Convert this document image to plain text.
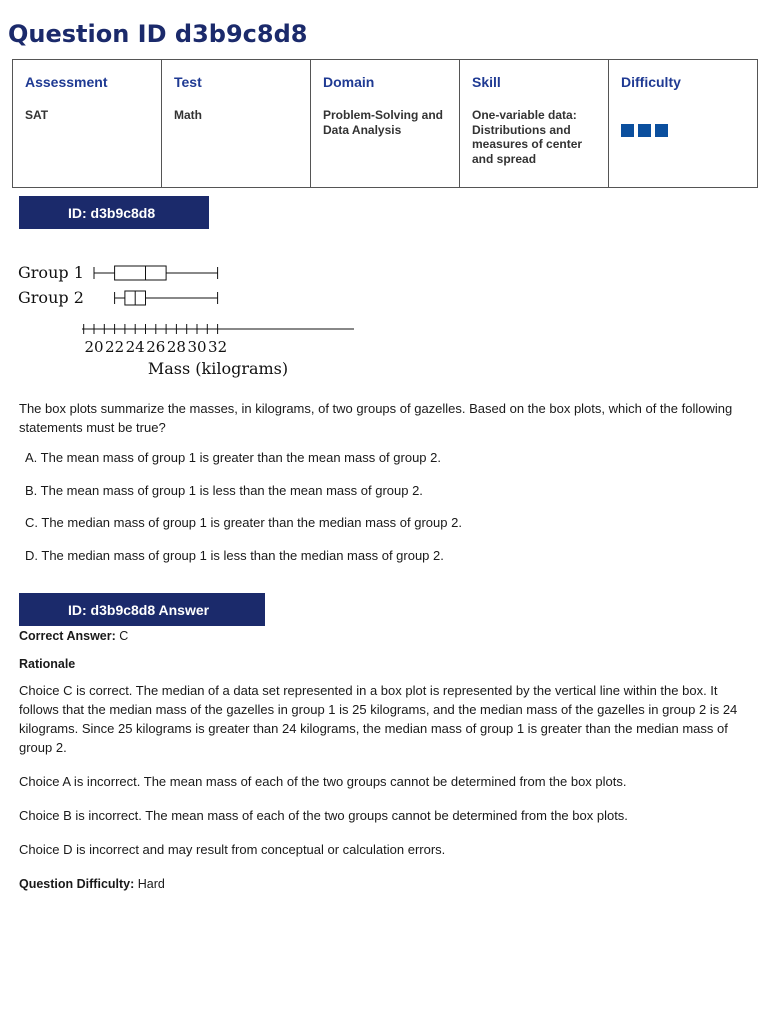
Question ID d3b9c8d8
Assessment
SAT

Test
Math

Domain
Problem-Solving and Data Analysis

Skill
One-variable data: Distributions and measures of center and spread

Difficulty
ID: d3b9c8d8
Group 1
Group 2
20 22 24 26 28 30 32
Mass (kilograms)

The box plots summarize the masses, in kilograms, of two groups of gazelles. Based on the box plots, which of the following statements must be true?

A. The mean mass of group 1 is greater than the mean mass of group 2.

B. The mean mass of group 1 is less than the mean mass of group 2.

C. The median mass of group 1 is greater than the median mass of group 2.

D. The median mass of group 1 is less than the median mass of group 2.

ID: d3b9c8d8 Answer

Correct Answer: C

Rationale

Choice C is correct. The median of a data set represented in a box plot is represented by the vertical line within the box. It follows that the median mass of the gazelles in group 1 is 25 kilograms, and the median mass of the gazelles in group 2 is 24 kilograms. Since 25 kilograms is greater than 24 kilograms, the median mass of group 1 is greater than the median mass of group 2.

Choice A is incorrect. The mean mass of each of the two groups cannot be determined from the box plots.

Choice B is incorrect. The mean mass of each of the two groups cannot be determined from the box plots.

Choice D is incorrect and may result from conceptual or calculation errors.

Question Difficulty: Hard
